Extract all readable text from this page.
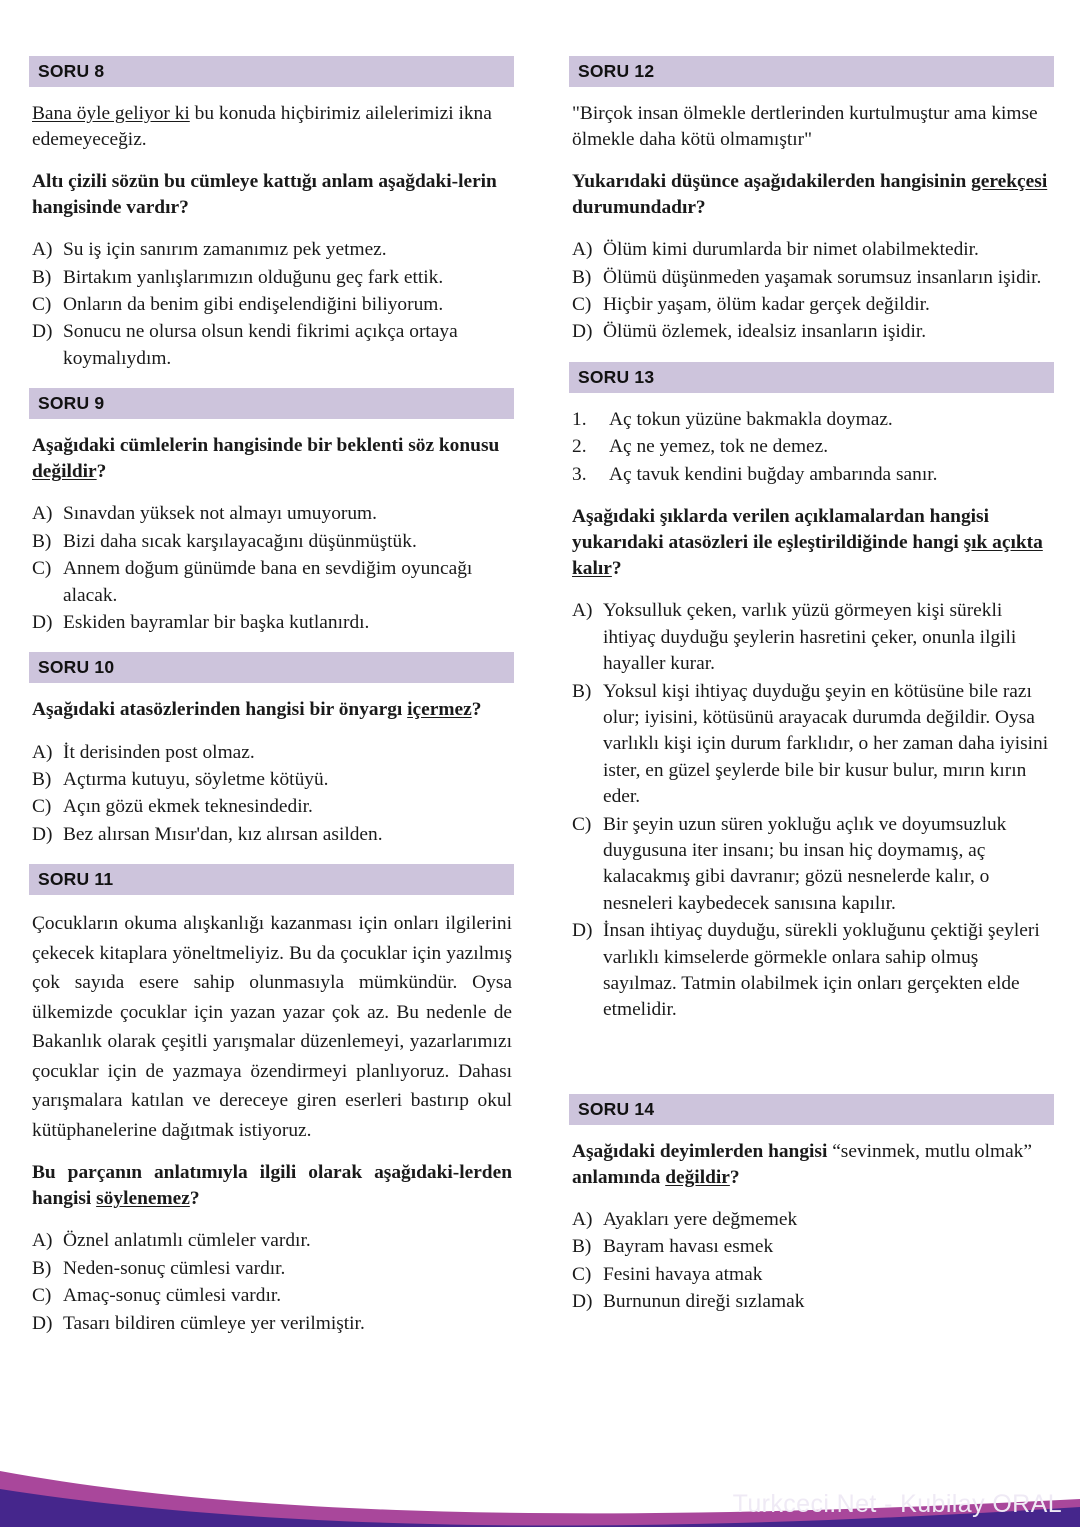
SORU 8

Bana öyle geliyor ki bu konuda hiçbirimiz ailelerimizi ikna edemeyeceğiz.

Altı çizili sözün bu cümleye kattığı anlam aşağdaki-lerin hangisinde vardır?

A) Su iş için sanırım zamanımız pek yetmez.
B) Birtakım yanlışlarımızın olduğunu geç fark ettik.
C) Onların da benim gibi endişelendiğini biliyorum.
D) Sonucu ne olursa olsun kendi fikrimi açıkça ortaya koymalıydım.
SORU 9

Aşağıdaki cümlelerin hangisinde bir beklenti söz konusu değildir?

A) Sınavdan yüksek not almayı umuyorum.
B) Bizi daha sıcak karşılayacağını düşünmüştük.
C) Annem doğum günümde bana en sevdiğim oyuncağı alacak.
D) Eskiden bayramlar bir başka kutlanırdı.
SORU 10

Aşağıdaki atasözlerinden hangisi bir önyargı içermez?

A) İt derisinden post olmaz.
B) Açtırma kutuyu, söyletme kötüyü.
C) Açın gözü ekmek teknesindedir.
D) Bez alırsan Mısır'dan, kız alırsan asilden.
SORU 11

Çocukların okuma alışkanlığı kazanması için onları ilgilerini çekecek kitaplara yöneltmeliyiz. Bu da çocuklar için yazılmış çok sayıda esere sahip olunmasıyla mümkündür. Oysa ülkemizde çocuklar için yazan yazar çok az. Bu nedenle de Bakanlık olarak çeşitli yarışmalar düzenlemeyi, yazarlarımızı çocuklar için de yazmaya özendirmeyi planlıyoruz. Dahası yarışmalara katılan ve dereceye giren eserleri bastırıp okul kütüphanelerine dağıtmak istiyoruz.

Bu parçanın anlatımıyla ilgili olarak aşağıdaki-lerden hangisi söylenemez?

A) Öznel anlatımlı cümleler vardır.
B) Neden-sonuç cümlesi vardır.
C) Amaç-sonuç cümlesi vardır.
D) Tasarı bildiren cümleye yer verilmiştir.
SORU 12

"Birçok insan ölmekle dertlerinden kurtulmuştur ama kimse ölmekle daha kötü olmamıştır"

Yukarıdaki düşünce aşağıdakilerden hangisinin gerekçesi durumundadır?

A) Ölüm kimi durumlarda bir nimet olabilmektedir.
B) Ölümü düşünmeden yaşamak sorumsuz insanların işidir.
C) Hiçbir yaşam, ölüm kadar gerçek değildir.
D) Ölümü özlemek, idealsiz insanların işidir.
SORU 13
1.	Aç tokun yüzüne bakmakla doymaz.
2.	Aç ne yemez, tok ne demez.
3.	Aç tavuk kendini buğday ambarında sanır.

Aşağıdaki şıklarda verilen açıklamalardan hangisi yukarıdaki atasözleri ile eşleştirildiğinde hangi şık açıkta kalır?

A) Yoksulluk çeken, varlık yüzü görmeyen kişi sürekli ihtiyaç duyduğu şeylerin hasretini çeker, onunla ilgili hayaller kurar.
B) Yoksul kişi ihtiyaç duyduğu şeyin en kötüsüne bile razı olur; iyisini, kötüsünü arayacak durumda değildir. Oysa varlıklı kişi için durum farklıdır, o her zaman daha iyisini ister, en güzel şeylerde bile bir kusur bulur, mırın kırın eder.
C) Bir şeyin uzun süren yokluğu açlık ve doyumsuzluk duygusuna iter insanı; bu insan hiç doymamış, aç kalacakmış gibi davranır; gözü nesnelerde kalır, o nesneleri kaybedecek sanısına kapılır.
D) İnsan ihtiyaç duyduğu, sürekli yokluğunu çektiği şeyleri varlıklı kimselerde görmekle onlara sahip olmuş sayılmaz. Tatmin olabilmek için onları gerçekten elde etmelidir.
SORU 14

Aşağıdaki deyimlerden hangisi “sevinmek, mutlu olmak” anlamında değildir?

A) Ayakları yere değmemek
B) Bayram havası esmek
C) Fesini havaya atmak
D) Burnunun direği sızlamak
Turkceci.Net - Kubilay ORAL
